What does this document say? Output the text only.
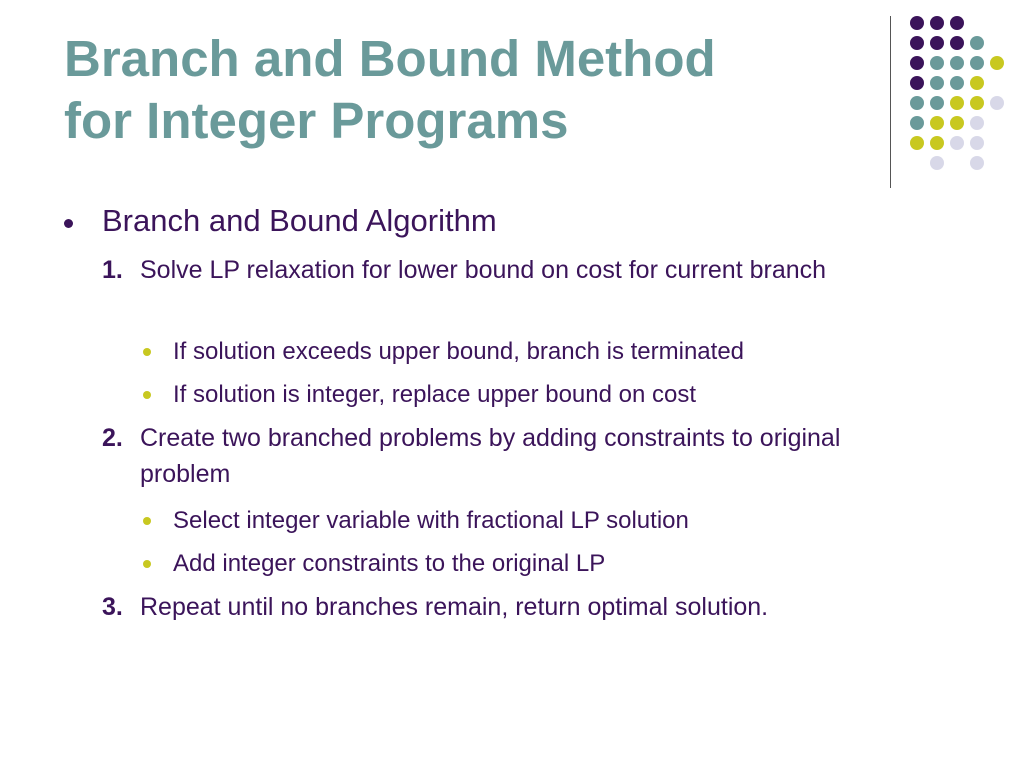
Branch and Bound Method
for Integer Programs
Branch and Bound Algorithm
1. Solve LP relaxation for lower bound on cost for current branch
If solution exceeds upper bound, branch is terminated
If solution is integer, replace upper bound on cost
2. Create two branched problems by adding constraints to original problem
Select integer variable with fractional LP solution
Add integer constraints to the original LP
3. Repeat until no branches remain, return optimal solution.
